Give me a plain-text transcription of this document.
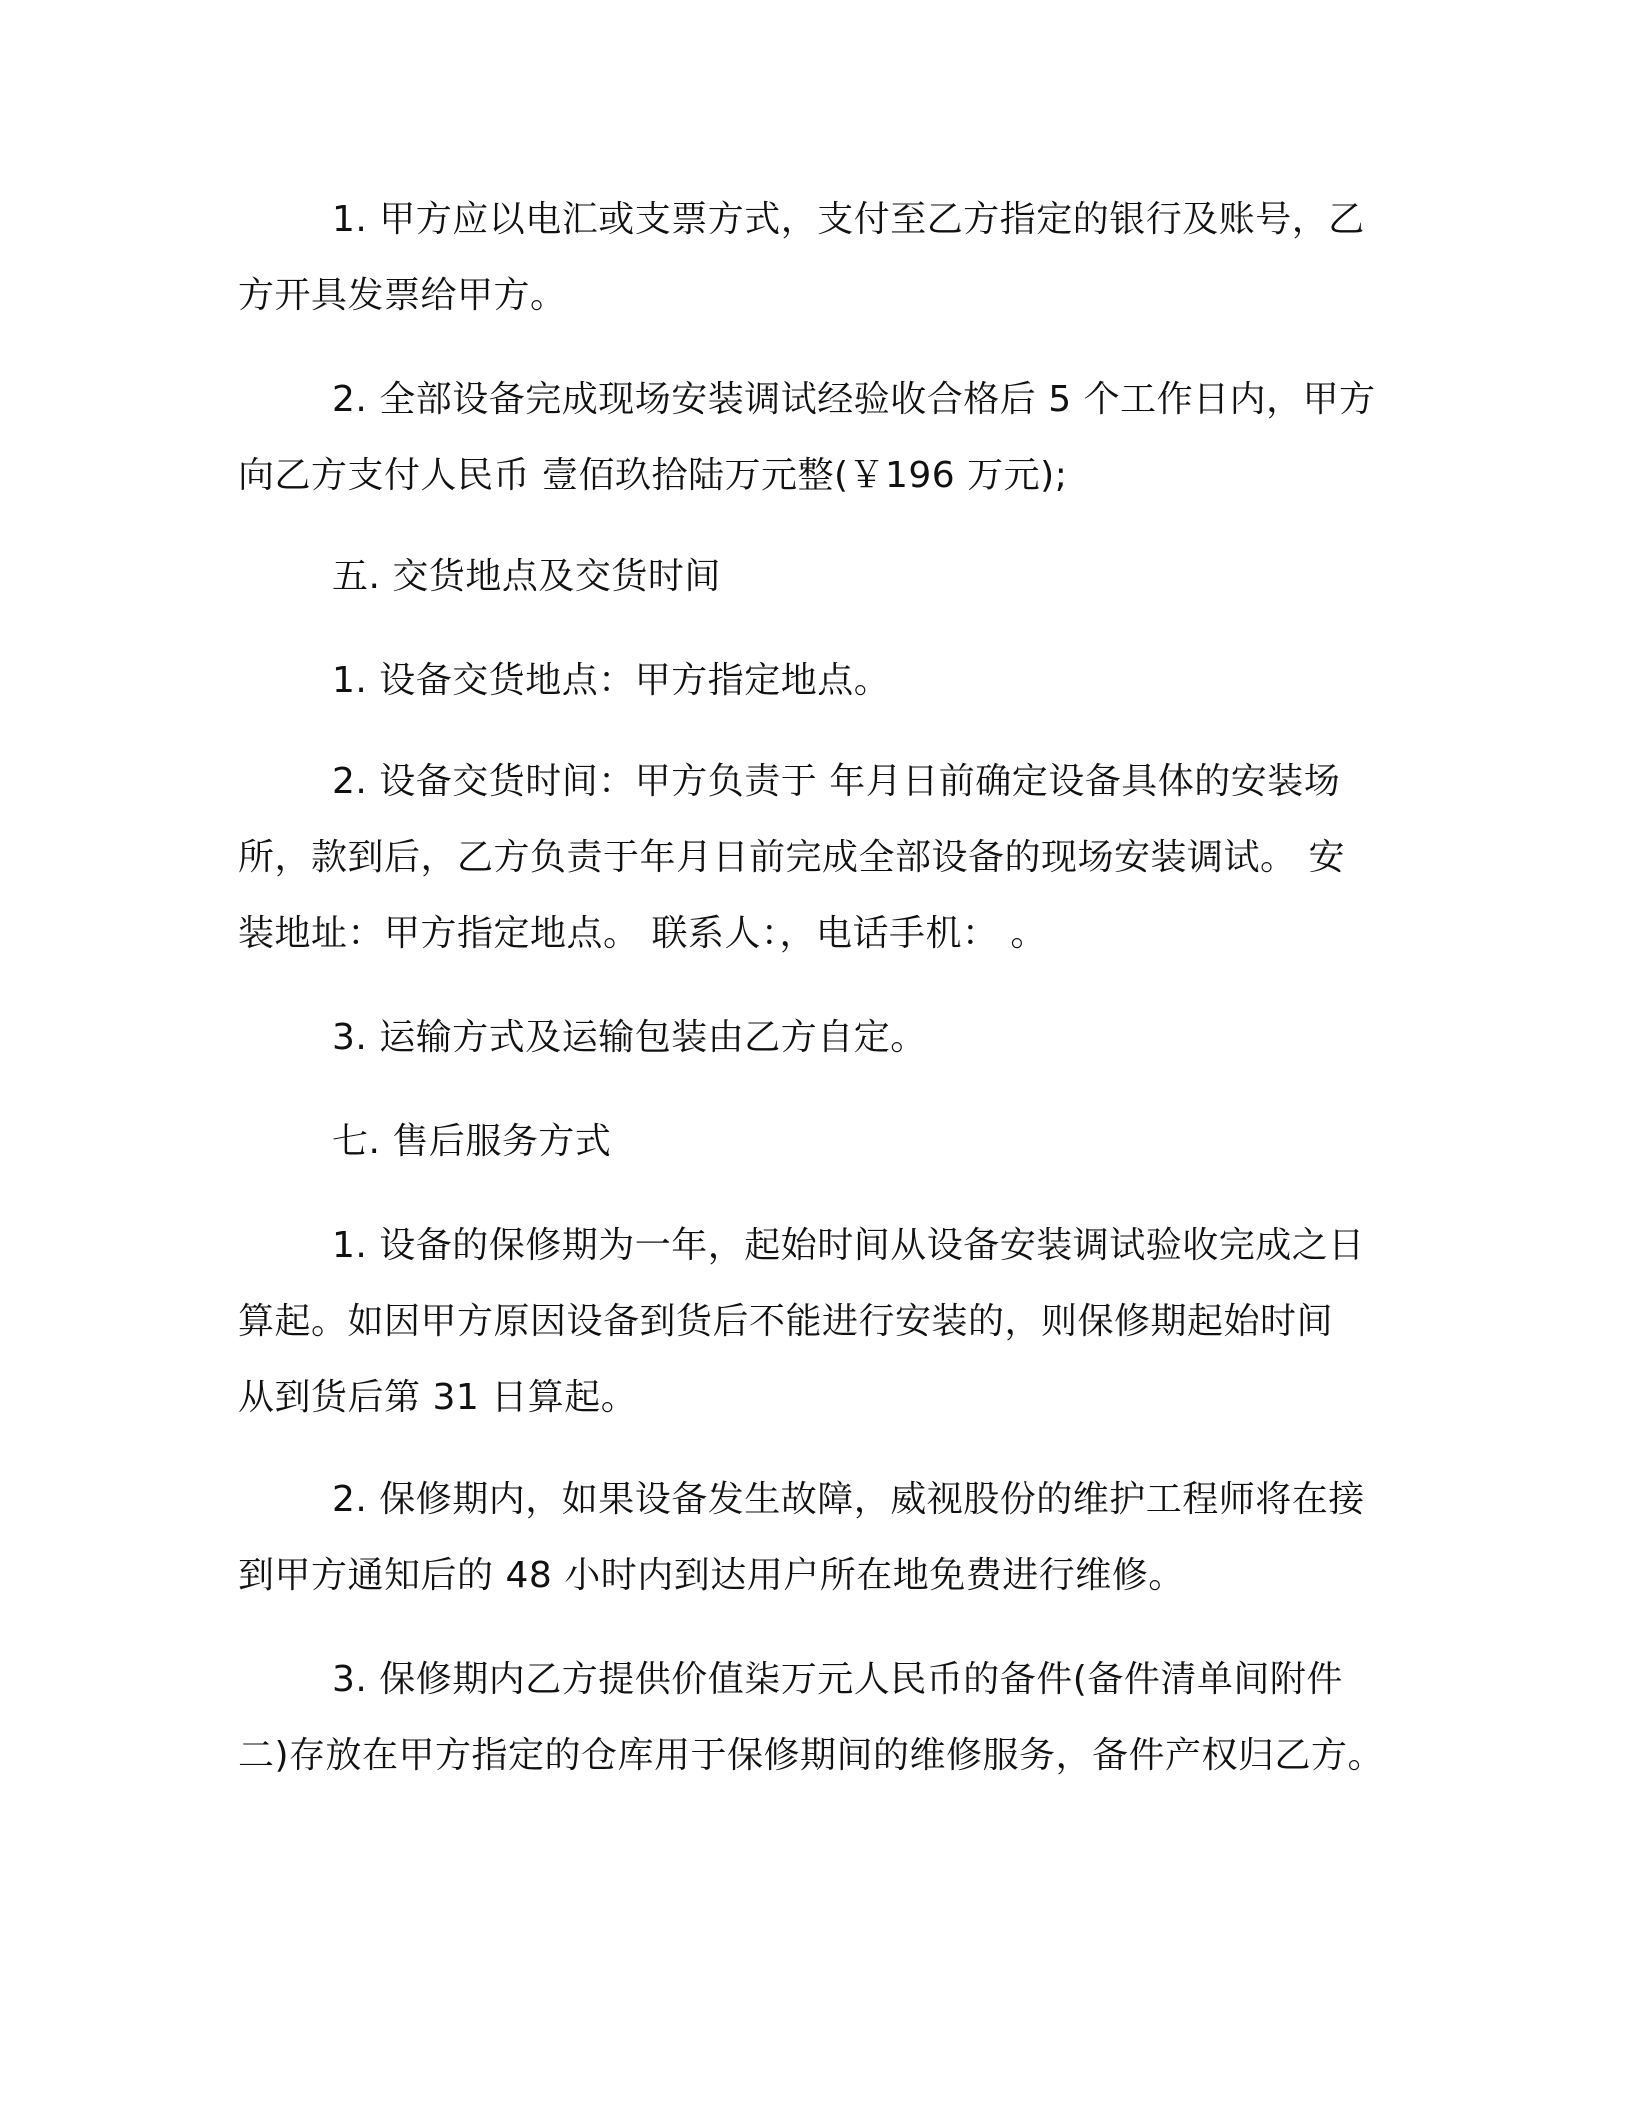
1. 甲方应以电汇或支票方式，支付至乙方指定的银行及账号，乙

方开具发票给甲方。

2. 全部设备完成现场安装调试经验收合格后 5 个工作日内，甲方

向乙方支付人民币 壹佰玖拾陆万元整(￥196 万元);

五. 交货地点及交货时间

1. 设备交货地点：甲方指定地点。

2. 设备交货时间：甲方负责于 年月日前确定设备具体的安装场

所，款到后，乙方负责于年月日前完成全部设备的现场安装调试。 安

装地址：甲方指定地点。 联系人：，电话手机： 。

3. 运输方式及运输包装由乙方自定。

七. 售后服务方式

1. 设备的保修期为一年，起始时间从设备安装调试验收完成之日

算起。如因甲方原因设备到货后不能进行安装的，则保修期起始时间

从到货后第 31 日算起。

2. 保修期内，如果设备发生故障，威视股份的维护工程师将在接

到甲方通知后的 48 小时内到达用户所在地免费进行维修。

3. 保修期内乙方提供价值柒万元人民币的备件(备件清单间附件

二)存放在甲方指定的仓库用于保修期间的维修服务，备件产权归乙方。
